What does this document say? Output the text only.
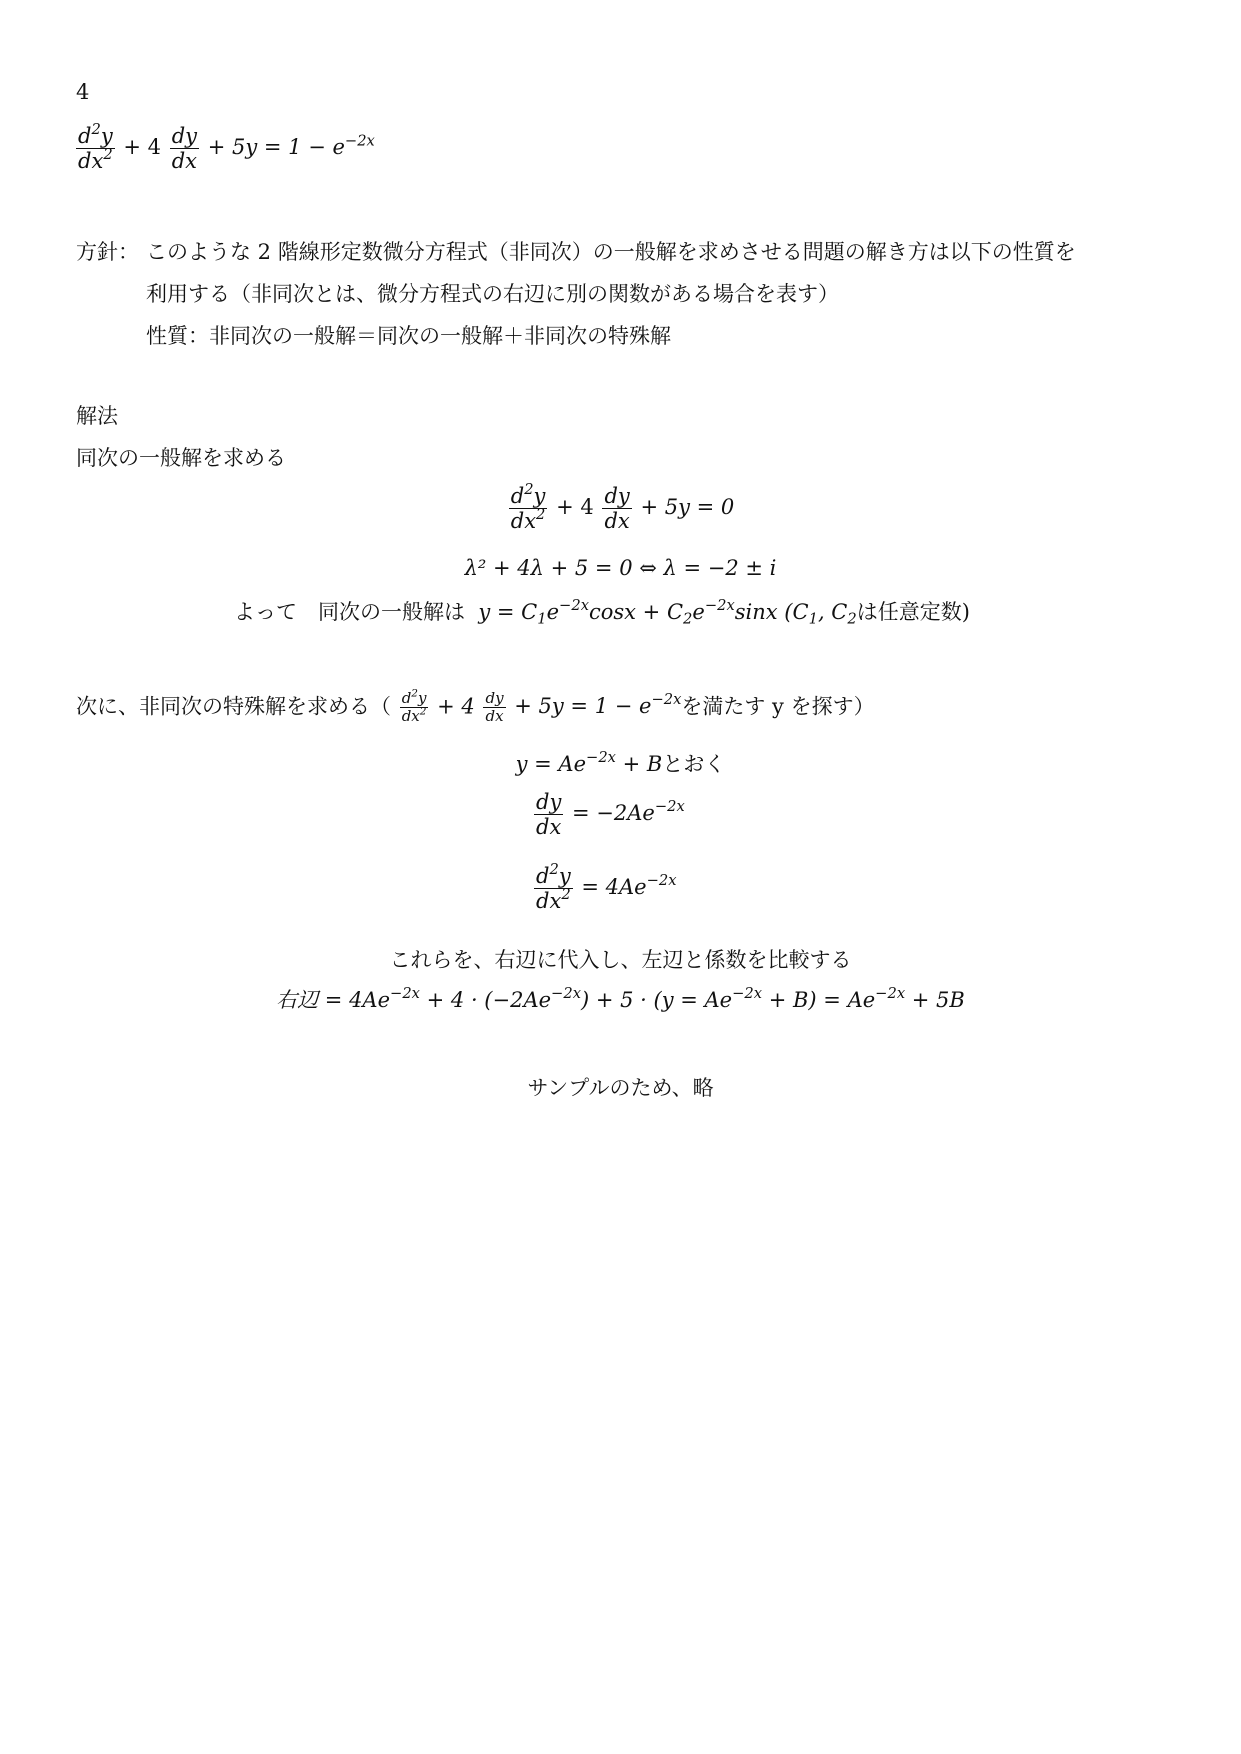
4
$\frac{d^2y}{dx^2} + 4 \frac{dy}{dx} + 5y = 1 - e^{-2x}$
方針： このような 2 階線形定数微分方程式（非同次）の一般解を求めさせる問題の解き方は以下の性質を
利用する（非同次とは、微分方程式の右辺に別の関数がある場合を表す）
性質：非同次の一般解＝同次の一般解＋非同次の特殊解
解法
同次の一般解を求める
$\frac{d^2y}{dx^2} + 4 \frac{dy}{dx} + 5y = 0$
λ² + 4λ + 5 = 0 ⇔ λ = −2 ± i
よって　同次の一般解は  $y = C_1e^{-2x}\cos x + C_2e^{-2x}\sin x$ ($C_1$, $C_2$は任意定数)
次に、非同次の特殊解を求める（ $\frac{d^2y}{dx^2} + 4 \frac{dy}{dx} + 5y = 1 - e^{-2x}$を満たす y を探す）
$y = Ae^{-2x} + B$とおく
$\frac{dy}{dx} = -2Ae^{-2x}$
$\frac{d^2y}{dx^2} = 4Ae^{-2x}$
これらを、右辺に代入し、左辺と係数を比較する
右辺 = $4Ae^{-2x} + 4 \cdot (-2Ae^{-2x}) + 5 \cdot (y = Ae^{-2x} + B) = Ae^{-2x} + 5B$
サンプルのため、略
